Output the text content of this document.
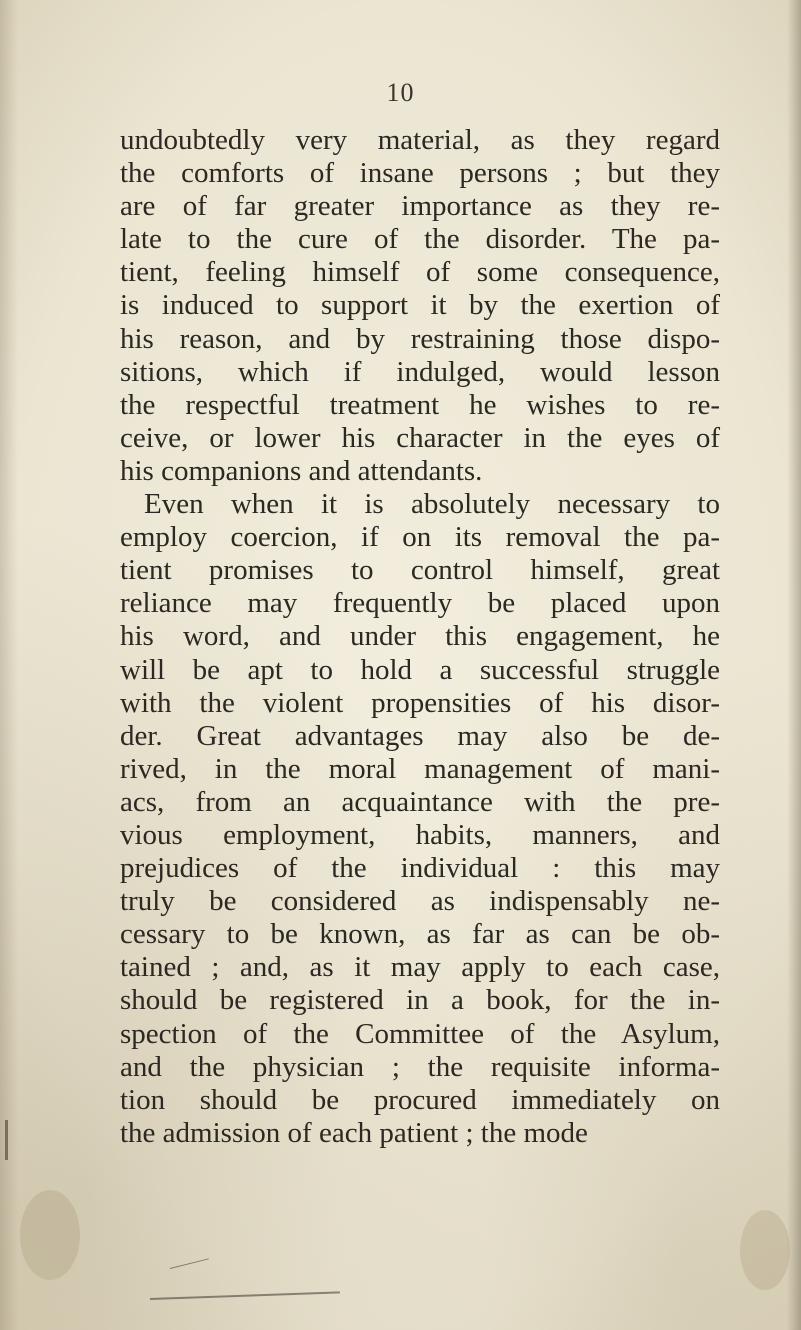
10
undoubtedly very material, as they regard
the comforts of insane persons ; but they
are of far greater importance as they re-
late to the cure of the disorder. The pa-
tient, feeling himself of some consequence,
is induced to support it by the exertion of
his reason, and by restraining those dispo-
sitions, which if indulged, would lesson
the respectful treatment he wishes to re-
ceive, or lower his character in the eyes of
his companions and attendants.
Even when it is absolutely necessary to
employ coercion, if on its removal the pa-
tient promises to control himself, great
reliance may frequently be placed upon
his word, and under this engagement, he
will be apt to hold a successful struggle
with the violent propensities of his disor-
der. Great advantages may also be de-
rived, in the moral management of mani-
acs, from an acquaintance with the pre-
vious employment, habits, manners, and
prejudices of the individual : this may
truly be considered as indispensably ne-
cessary to be known, as far as can be ob-
tained ; and, as it may apply to each case,
should be registered in a book, for the in-
spection of the Committee of the Asylum,
and the physician ; the requisite informa-
tion should be procured immediately on
the admission of each patient ; the mode
